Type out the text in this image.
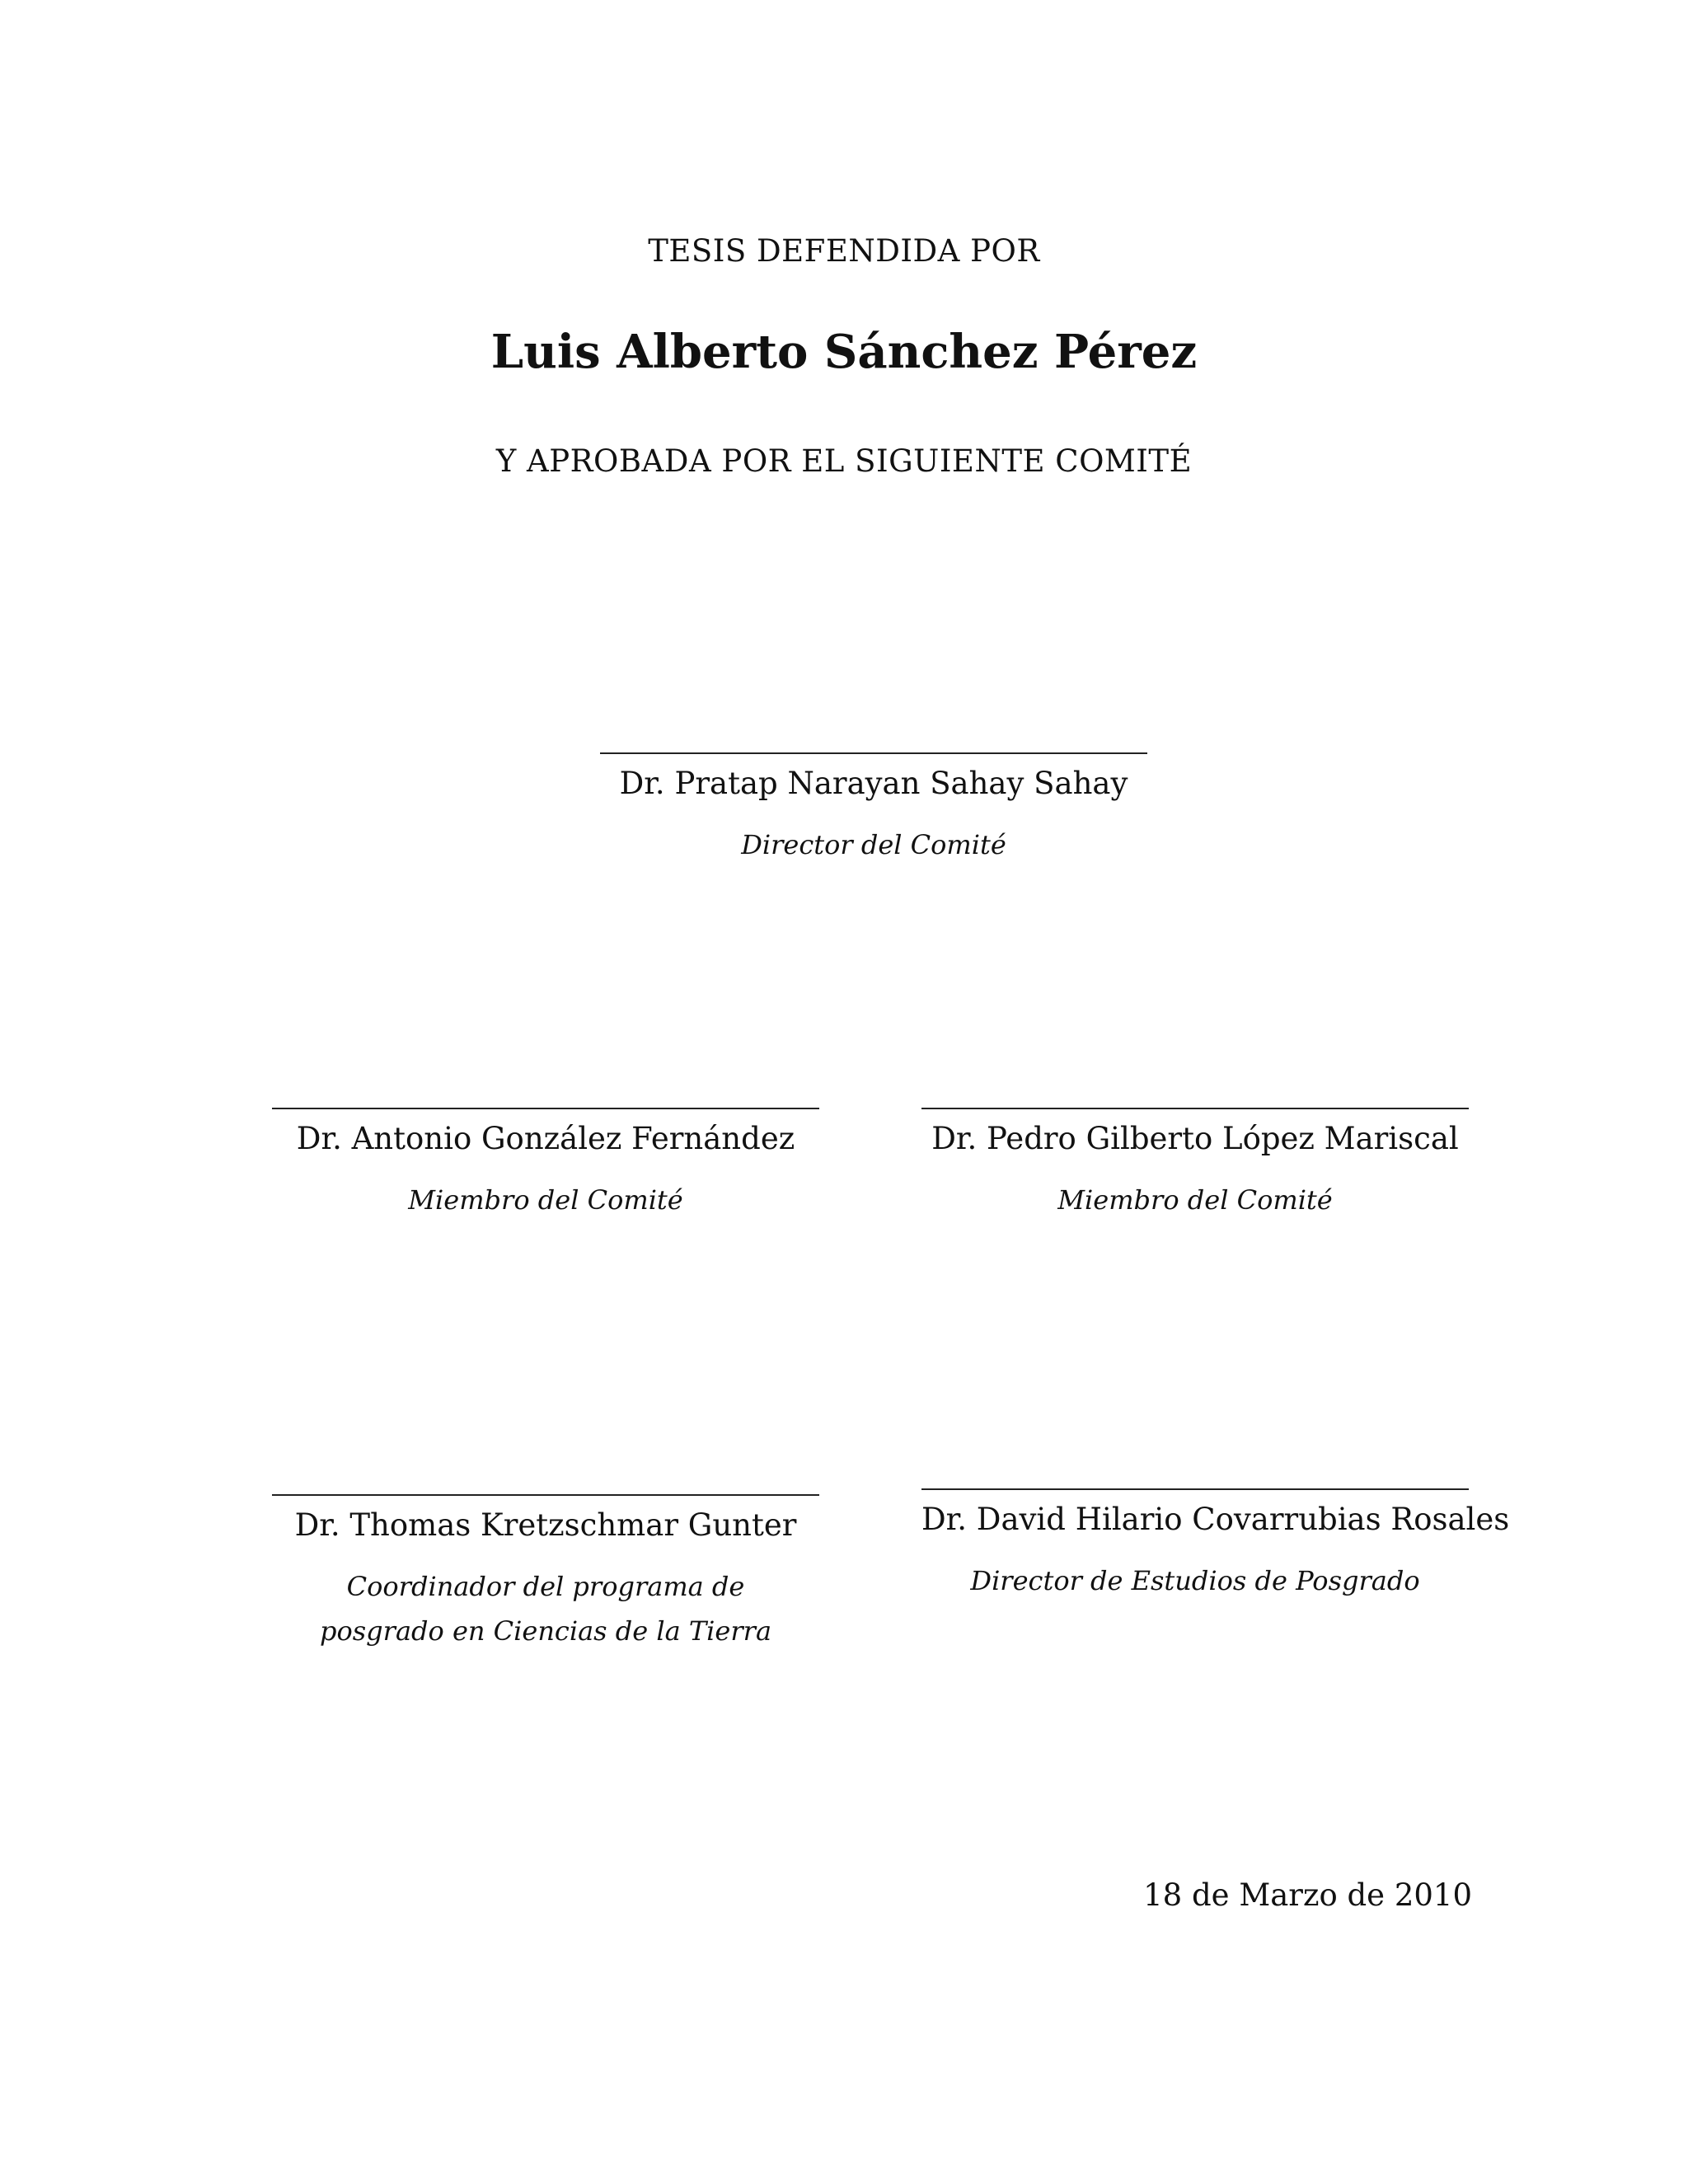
TESIS DEFENDIDA POR
Luis Alberto Sánchez Pérez
Y APROBADA POR EL SIGUIENTE COMITÉ
Dr. Pratap Narayan Sahay Sahay
Director del Comité
Dr. Antonio González Fernández
Miembro del Comité
Dr. Pedro Gilberto López Mariscal
Miembro del Comité
Dr. Thomas Kretzschmar Gunter
Coordinador del programa de
posgrado en Ciencias de la Tierra
Dr. David Hilario Covarrubias Rosales
Director de Estudios de Posgrado
18 de Marzo de 2010
